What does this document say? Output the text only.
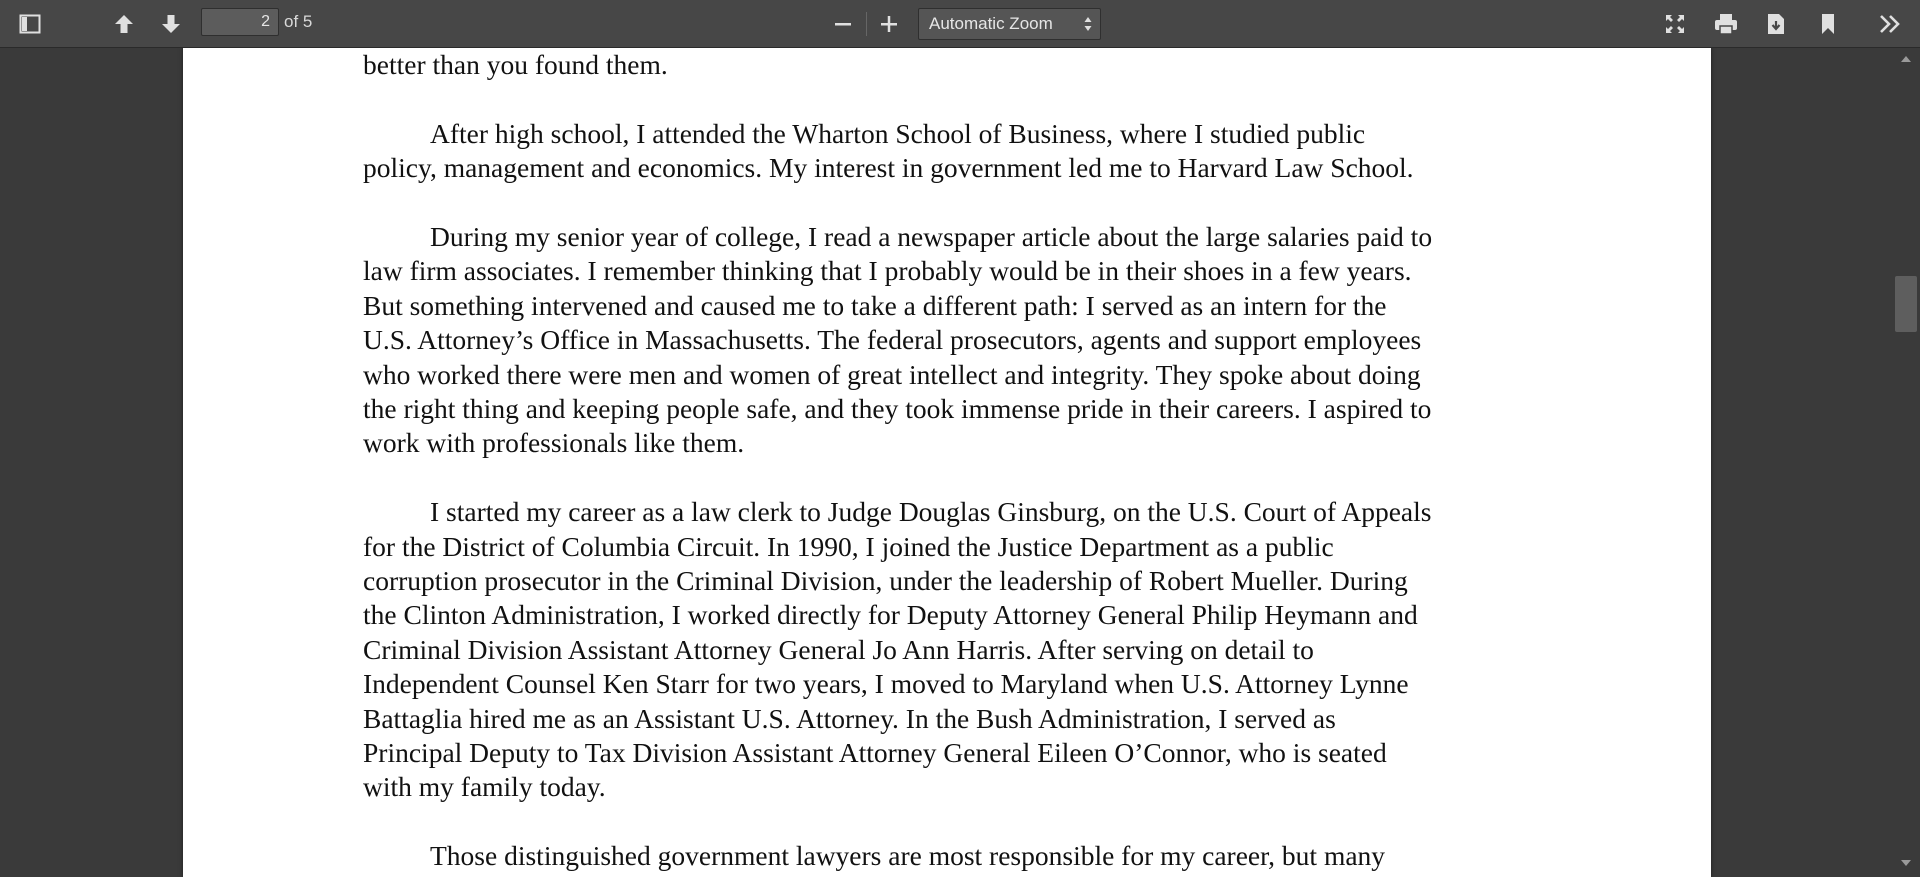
2 of 5	Automatic Zoom
better than you found them.
After high school, I attended the Wharton School of Business, where I studied public
policy, management and economics. My interest in government led me to Harvard Law School.
During my senior year of college, I read a newspaper article about the large salaries paid to
law firm associates. I remember thinking that I probably would be in their shoes in a few years.
But something intervened and caused me to take a different path: I served as an intern for the
U.S. Attorney’s Office in Massachusetts. The federal prosecutors, agents and support employees
who worked there were men and women of great intellect and integrity. They spoke about doing
the right thing and keeping people safe, and they took immense pride in their careers. I aspired to
work with professionals like them.
I started my career as a law clerk to Judge Douglas Ginsburg, on the U.S. Court of Appeals
for the District of Columbia Circuit. In 1990, I joined the Justice Department as a public
corruption prosecutor in the Criminal Division, under the leadership of Robert Mueller. During
the Clinton Administration, I worked directly for Deputy Attorney General Philip Heymann and
Criminal Division Assistant Attorney General Jo Ann Harris. After serving on detail to
Independent Counsel Ken Starr for two years, I moved to Maryland when U.S. Attorney Lynne
Battaglia hired me as an Assistant U.S. Attorney. In the Bush Administration, I served as
Principal Deputy to Tax Division Assistant Attorney General Eileen O’Connor, who is seated
with my family today.
Those distinguished government lawyers are most responsible for my career, but many
